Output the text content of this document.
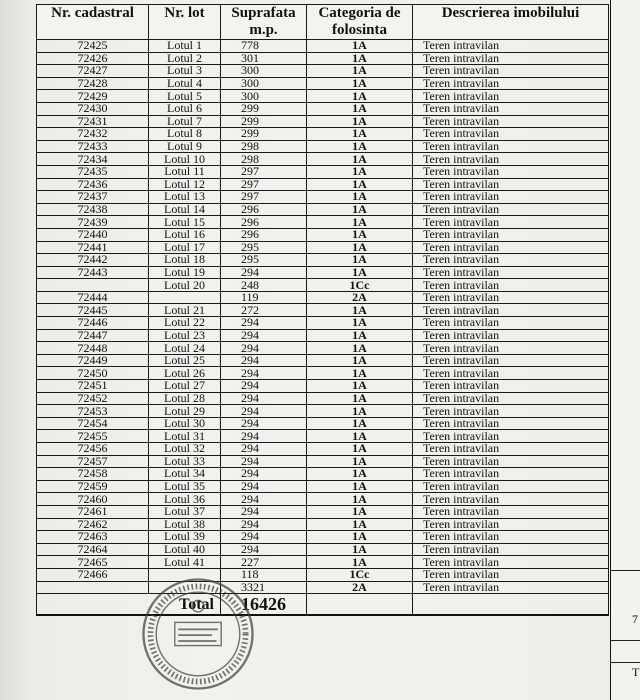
Nr. cadastral	Nr. lot	Suprafata m.p.	Categoria de folosinta	Descrierea imobilului
72425	Lotul 1	778	1A	Teren intravilan
72426	Lotul 2	301	1A	Teren intravilan
72427	Lotul 3	300	1A	Teren intravilan
72428	Lotul 4	300	1A	Teren intravilan
72429	Lotul 5	300	1A	Teren intravilan
72430	Lotul 6	299	1A	Teren intravilan
72431	Lotul 7	299	1A	Teren intravilan
72432	Lotul 8	299	1A	Teren intravilan
72433	Lotul 9	298	1A	Teren intravilan
72434	Lotul 10	298	1A	Teren intravilan
72435	Lotul 11	297	1A	Teren intravilan
72436	Lotul 12	297	1A	Teren intravilan
72437	Lotul 13	297	1A	Teren intravilan
72438	Lotul 14	296	1A	Teren intravilan
72439	Lotul 15	296	1A	Teren intravilan
72440	Lotul 16	296	1A	Teren intravilan
72441	Lotul 17	295	1A	Teren intravilan
72442	Lotul 18	295	1A	Teren intravilan
72443	Lotul 19	294	1A	Teren intravilan
	Lotul 20	248	1Cc	Teren intravilan
72444		119	2A	Teren intravilan
72445	Lotul 21	272	1A	Teren intravilan
72446	Lotul 22	294	1A	Teren intravilan
72447	Lotul 23	294	1A	Teren intravilan
72448	Lotul 24	294	1A	Teren intravilan
72449	Lotul 25	294	1A	Teren intravilan
72450	Lotul 26	294	1A	Teren intravilan
72451	Lotul 27	294	1A	Teren intravilan
72452	Lotul 28	294	1A	Teren intravilan
72453	Lotul 29	294	1A	Teren intravilan
72454	Lotul 30	294	1A	Teren intravilan
72455	Lotul 31	294	1A	Teren intravilan
72456	Lotul 32	294	1A	Teren intravilan
72457	Lotul 33	294	1A	Teren intravilan
72458	Lotul 34	294	1A	Teren intravilan
72459	Lotul 35	294	1A	Teren intravilan
72460	Lotul 36	294	1A	Teren intravilan
72461	Lotul 37	294	1A	Teren intravilan
72462	Lotul 38	294	1A	Teren intravilan
72463	Lotul 39	294	1A	Teren intravilan
72464	Lotul 40	294	1A	Teren intravilan
72465	Lotul 41	227	1A	Teren intravilan
72466		118	1Cc	Teren intravilan
		3321	2A	Teren intravilan
Total		16426		
7
T
